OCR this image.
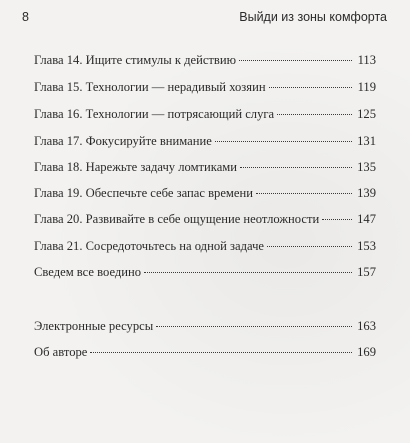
8	Выйди из зоны комфорта
Глава 14. Ищите стимулы к действию	113
Глава 15. Технологии — нерадивый хозяин	119
Глава 16. Технологии — потрясающий слуга	125
Глава 17. Фокусируйте внимание	131
Глава 18. Нарежьте задачу ломтиками	135
Глава 19. Обеспечьте себе запас времени	139
Глава 20. Развивайте в себе ощущение неотложности	147
Глава 21. Сосредоточьтесь на одной задаче	153
Сведем все воедино	157
Электронные ресурсы	163
Об авторе	169
